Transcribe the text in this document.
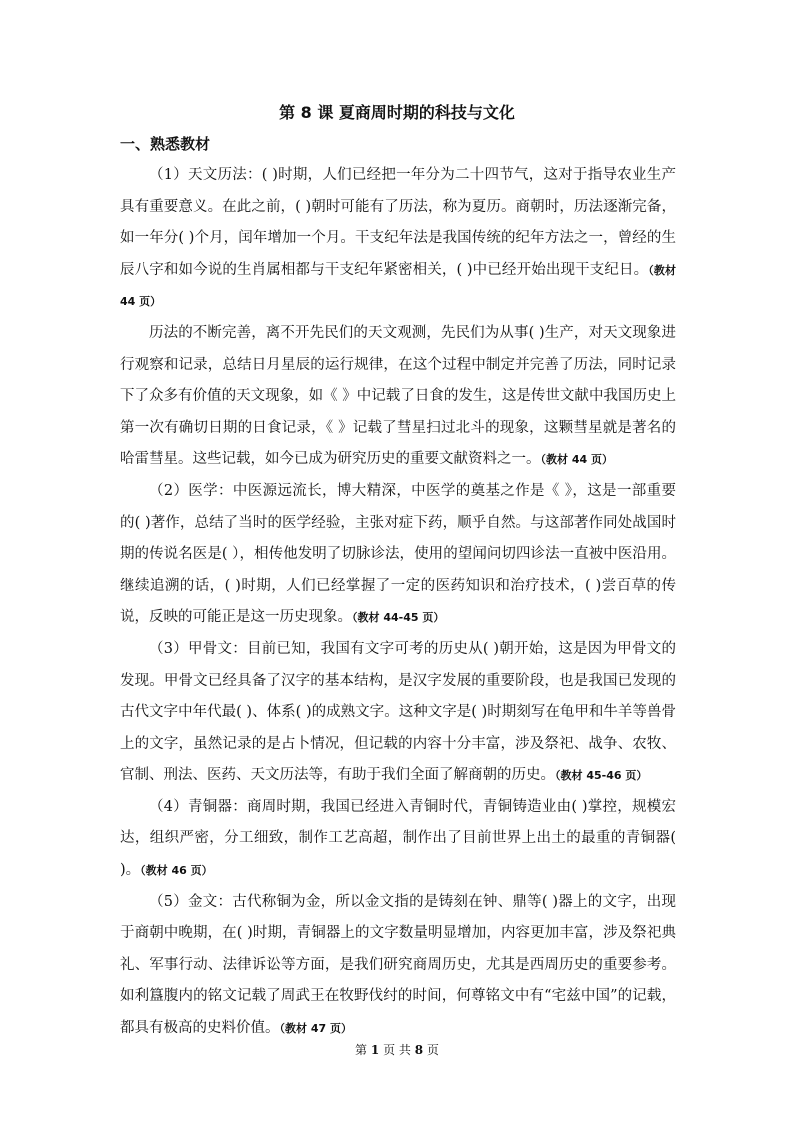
第 8 课 夏商周时期的科技与文化
一、熟悉教材

（1）天文历法：( )时期，人们已经把一年分为二十四节气，这对于指导农业生产具有重要意义。在此之前，( )朝时可能有了历法，称为夏历。商朝时，历法逐渐完备，如一年分( )个月，闰年增加一个月。干支纪年法是我国传统的纪年方法之一，曾经的生辰八字和如今说的生肖属相都与干支纪年紧密相关，( )中已经开始出现干支纪日。（教材 44 页）

历法的不断完善，离不开先民们的天文观测，先民们为从事( )生产，对天文现象进行观察和记录，总结日月星辰的运行规律，在这个过程中制定并完善了历法，同时记录下了众多有价值的天文现象，如《 》中记载了日食的发生，这是传世文献中我国历史上第一次有确切日期的日食记录，《 》记载了彗星扫过北斗的现象，这颗彗星就是著名的哈雷彗星。这些记载，如今已成为研究历史的重要文献资料之一。（教材 44 页）

（2）医学：中医源远流长，博大精深，中医学的奠基之作是《 》，这是一部重要的( )著作，总结了当时的医学经验，主张对症下药，顺乎自然。与这部著作同处战国时期的传说名医是( ），相传他发明了切脉诊法，使用的望闻问切四诊法一直被中医沿用。继续追溯的话，( )时期，人们已经掌握了一定的医药知识和治疗技术，( )尝百草的传说，反映的可能正是这一历史现象。（教材 44-45 页）

（3）甲骨文：目前已知，我国有文字可考的历史从( )朝开始，这是因为甲骨文的发现。甲骨文已经具备了汉字的基本结构，是汉字发展的重要阶段，也是我国已发现的古代文字中年代最( )、体系( )的成熟文字。这种文字是( )时期刻写在龟甲和牛羊等兽骨上的文字，虽然记录的是占卜情况，但记载的内容十分丰富，涉及祭祀、战争、农牧、官制、刑法、医药、天文历法等，有助于我们全面了解商朝的历史。（教材 45-46 页）

（4）青铜器：商周时期，我国已经进入青铜时代，青铜铸造业由( )掌控，规模宏达，组织严密，分工细致，制作工艺高超，制作出了目前世界上出土的最重的青铜器( )。（教材 46 页）

（5）金文：古代称铜为金，所以金文指的是铸刻在钟、鼎等( )器上的文字，出现于商朝中晚期，在( )时期，青铜器上的文字数量明显增加，内容更加丰富，涉及祭祀典礼、军事行动、法律诉讼等方面，是我们研究商周历史，尤其是西周历史的重要参考。如利簋腹内的铭文记载了周武王在牧野伐纣的时间，何尊铭文中有“宅兹中国”的记载，都具有极高的史料价值。（教材 47 页）

第 1 页 共 8 页
